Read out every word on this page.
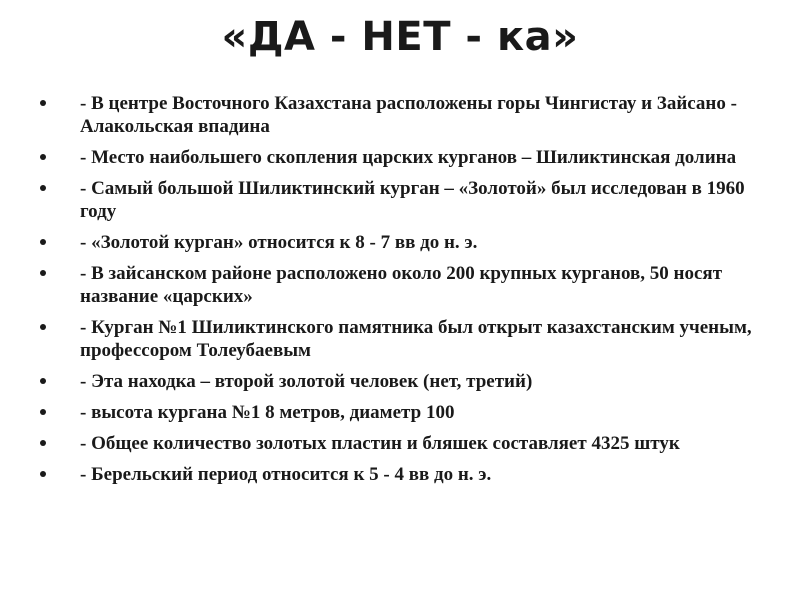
«ДА - НЕТ - ка»
- В центре Восточного Казахстана расположены горы Чингистау и Зайсано - Алакольская впадина
- Место наибольшего скопления царских курганов – Шиликтинская долина
- Самый большой Шиликтинский курган – «Золотой» был исследован в 1960 году
- «Золотой курган» относится к 8 - 7 вв до н. э.
- В зайсанском районе расположено около 200 крупных курганов, 50 носят название «царских»
- Курган №1 Шиликтинского памятника был открыт казахстанским ученым, профессором Толеубаевым
- Эта находка – второй золотой человек (нет, третий)
- высота кургана №1 8 метров, диаметр 100
- Общее количество золотых пластин и бляшек составляет 4325 штук
- Берельский период относится к 5 - 4 вв до н. э.
